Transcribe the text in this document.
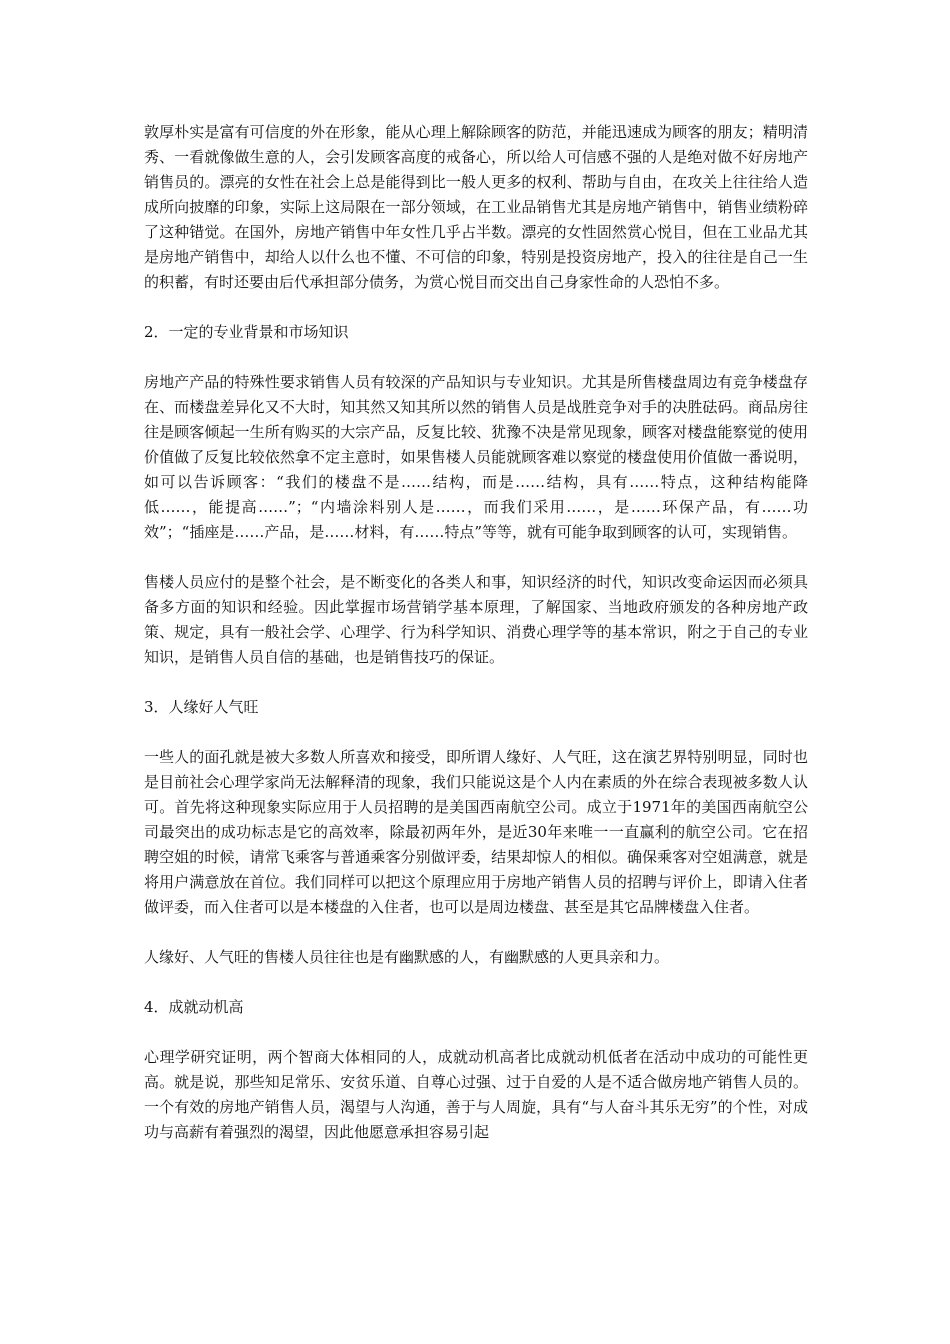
敦厚朴实是富有可信度的外在形象，能从心理上解除顾客的防范，并能迅速成为顾客的朋友；精明清秀、一看就像做生意的人，会引发顾客高度的戒备心，所以给人可信感不强的人是绝对做不好房地产销售员的。漂亮的女性在社会上总是能得到比一般人更多的权利、帮助与自由，在攻关上往往给人造成所向披靡的印象，实际上这局限在一部分领域，在工业品销售尤其是房地产销售中，销售业绩粉碎了这种错觉。在国外，房地产销售中年女性几乎占半数。漂亮的女性固然赏心悦目，但在工业品尤其是房地产销售中，却给人以什么也不懂、不可信的印象，特别是投资房地产，投入的往往是自己一生的积蓄，有时还要由后代承担部分债务，为赏心悦目而交出自己身家性命的人恐怕不多。

2．一定的专业背景和市场知识

房地产产品的特殊性要求销售人员有较深的产品知识与专业知识。尤其是所售楼盘周边有竞争楼盘存在、而楼盘差异化又不大时，知其然又知其所以然的销售人员是战胜竞争对手的决胜砝码。商品房往往是顾客倾起一生所有购买的大宗产品，反复比较、犹豫不决是常见现象，顾客对楼盘能察觉的使用价值做了反复比较依然拿不定主意时，如果售楼人员能就顾客难以察觉的楼盘使用价值做一番说明，如可以告诉顾客：“我们的楼盘不是……结构，而是……结构，具有……特点，这种结构能降低……，能提高……”；“内墙涂料别人是……，而我们采用……，是……环保产品，有……功效”；“插座是……产品，是……材料，有……特点”等等，就有可能争取到顾客的认可，实现销售。

售楼人员应付的是整个社会，是不断变化的各类人和事，知识经济的时代，知识改变命运因而必须具备多方面的知识和经验。因此掌握市场营销学基本原理，了解国家、当地政府颁发的各种房地产政策、规定，具有一般社会学、心理学、行为科学知识、消费心理学等的基本常识，附之于自己的专业知识，是销售人员自信的基础，也是销售技巧的保证。

3．人缘好人气旺

一些人的面孔就是被大多数人所喜欢和接受，即所谓人缘好、人气旺，这在演艺界特别明显，同时也是目前社会心理学家尚无法解释清的现象，我们只能说这是个人内在素质的外在综合表现被多数人认可。首先将这种现象实际应用于人员招聘的是美国西南航空公司。成立于1971年的美国西南航空公司最突出的成功标志是它的高效率，除最初两年外，是近30年来唯一一直赢利的航空公司。它在招聘空姐的时候，请常飞乘客与普通乘客分别做评委，结果却惊人的相似。确保乘客对空姐满意，就是将用户满意放在首位。我们同样可以把这个原理应用于房地产销售人员的招聘与评价上，即请入住者做评委，而入住者可以是本楼盘的入住者，也可以是周边楼盘、甚至是其它品牌楼盘入住者。

人缘好、人气旺的售楼人员往往也是有幽默感的人，有幽默感的人更具亲和力。

4．成就动机高

心理学研究证明，两个智商大体相同的人，成就动机高者比成就动机低者在活动中成功的可能性更高。就是说，那些知足常乐、安贫乐道、自尊心过强、过于自爱的人是不适合做房地产销售人员的。一个有效的房地产销售人员，渴望与人沟通，善于与人周旋，具有“与人奋斗其乐无穷”的个性，对成功与高薪有着强烈的渴望，因此他愿意承担容易引起
